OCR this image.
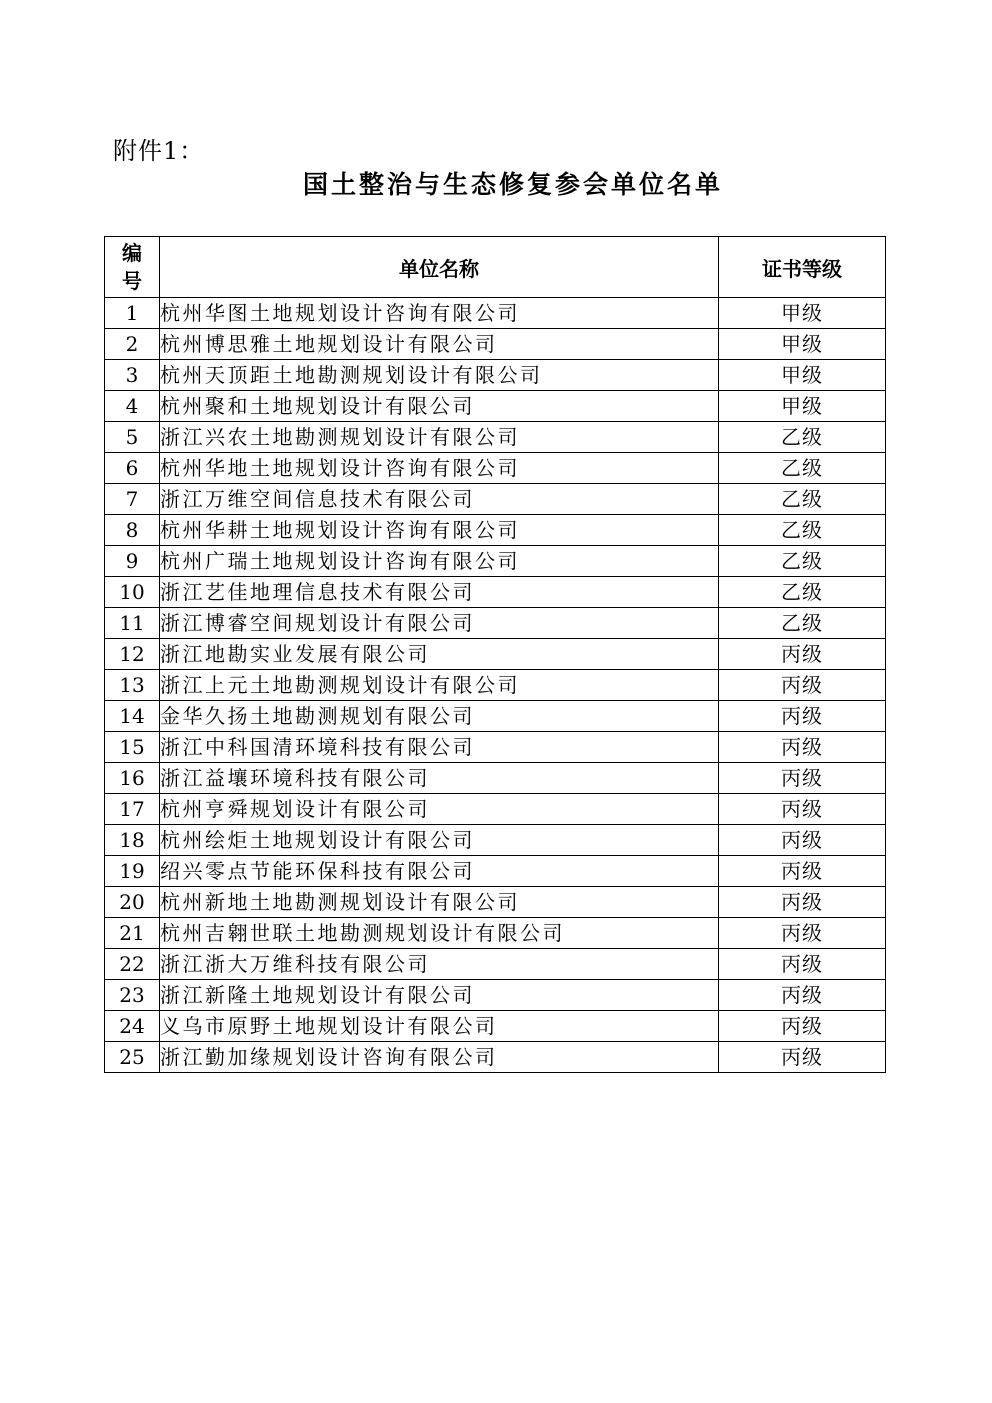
附件1：
国土整治与生态修复参会单位名单
编
号	单位名称	证书等级
1	杭州华图土地规划设计咨询有限公司	甲级
2	杭州博思雅土地规划设计有限公司	甲级
3	杭州天顶距土地勘测规划设计有限公司	甲级
4	杭州聚和土地规划设计有限公司	甲级
5	浙江兴农土地勘测规划设计有限公司	乙级
6	杭州华地土地规划设计咨询有限公司	乙级
7	浙江万维空间信息技术有限公司	乙级
8	杭州华耕土地规划设计咨询有限公司	乙级
9	杭州广瑞土地规划设计咨询有限公司	乙级
10	浙江艺佳地理信息技术有限公司	乙级
11	浙江博睿空间规划设计有限公司	乙级
12	浙江地勘实业发展有限公司	丙级
13	浙江上元土地勘测规划设计有限公司	丙级
14	金华久扬土地勘测规划有限公司	丙级
15	浙江中科国清环境科技有限公司	丙级
16	浙江益壤环境科技有限公司	丙级
17	杭州亨舜规划设计有限公司	丙级
18	杭州绘炬土地规划设计有限公司	丙级
19	绍兴零点节能环保科技有限公司	丙级
20	杭州新地土地勘测规划设计有限公司	丙级
21	杭州吉翱世联土地勘测规划设计有限公司	丙级
22	浙江浙大万维科技有限公司	丙级
23	浙江新隆土地规划设计有限公司	丙级
24	义乌市原野土地规划设计有限公司	丙级
25	浙江勤加缘规划设计咨询有限公司	丙级
